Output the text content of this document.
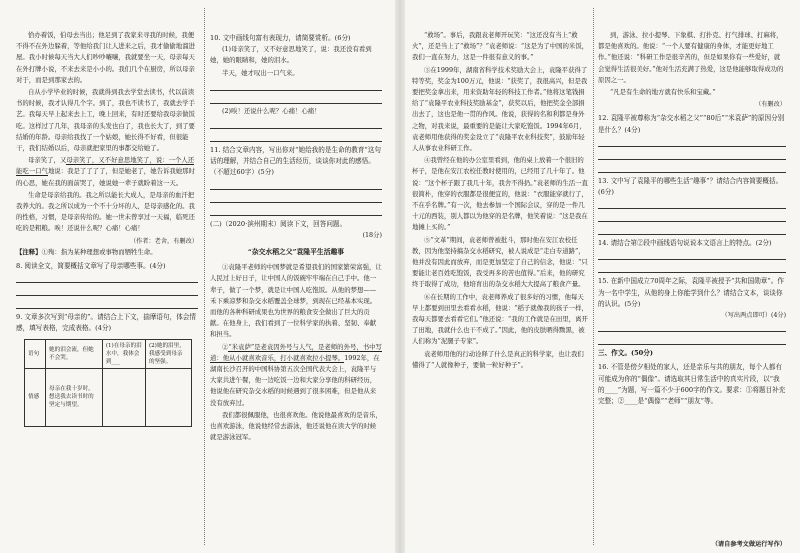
恰办着饭，伯母去当出；他足到了我家来寻我的时候，我便不得不在外边躲着，等他给我门让人进来之后，我才偷偷地溜进屋。我小时候每天当大人们吵吵嚷嚷，我就要坐一天，母亲每天在外打牌小说，不来去来是小小的。我们几个在厨房，所以母亲对于，而是到那家去的。

自从小学毕业的时候，我就得到我去学堂去读书，代以前读书的时候，我才认得几个字。到了，我也不读书了，我就去学手艺。我每天早上起来去上工，晚上回来，有时还要给我母亲做饭吃。这样过了几年，我母亲的头发也白了，我也长大了，到了要结婚的年龄。母亲给我找了一个姑娘，她长得不好看，但很能干，我们结婚以后，母亲就把家里的事都交给她了。

母亲笑了，又母亲笑了，又不好意思地笑了，说：一个人还能吃一口气地说：我是了了了了，但是她老了，她告诉我她那时的心思，她在我的面前哭了，她说她一辈子就盼着这一天。

生命是母亲给我的。我之所以能长大成人，是母亲的血汗把我养大的。我之所以成为一个不十分坏的人，是母亲感化的。我的性格，习惯，是母亲传给的。她一世未曾享过一天福，临死还吃的是粗粮。唉！还说什么呢？心痛！心痛！

（作者：老舍，有删改）

【注释】①殉：指为某种理想或事物而牺牲生命。

8. 阅读全文，简要概括文章写了母亲哪些事。(4分)
9. 文章多次写到“母亲的”。请结合上下文，揣摩语句，体会情感，填写表格，完成表格。(4分)
语句	她的泪会流，但她不会哭。	(1)在母亲的泪水中，我体会到___	(2)她的泪里，我感受到母亲的坚强。
情感	母亲在我十岁时，想送我去读书时的坚定与期望。		
10. 文中画线句富有表现力，请简要赏析。(6分)

(1)母亲笑了，又不好意思地笑了，说：我还没有看到她，她的眼睛和，她的泪水。

半天，她才叹出一口气来。

(2)唉！还说什么呢？心痛！心痛！

11. 结合文章内容，写出你对“她给我的是生命的教育”这句话的理解，并结合自己的生活经历，谈谈你对此的感悟。（不超过60字）(5分)
(二)（2020·滨州期末）阅读下文，回答问题。
(18分)
“杂交水稻之父”袁隆平生活趣事

①袁隆平老师的中国梦就是希望我们的国家繁荣富强，让人民过上好日子，让中国人的饭碗牢牢端在自己手中。他一辈子，做了一个梦，就是让中国人吃饱饭。从他的梦想——禾下乘凉梦和杂交水稻覆盖全球梦，到现在已经基本实现。而他的各种科研成果也为世界的粮食安全做出了巨大的贡献。在他身上，我们看到了一位科学家的执着、坚韧、奉献和担当。

②“米袁萨”是老袁因外号与人气，是老师的外号，书中写道：他从小就喜欢音乐，打小就喜欢拉小提琴。1992年，在湖南长沙召开的中国科协第五次全国代表大会上，袁隆平与大家共进午餐，他一边吃饭一边和大家分享他的科研经历，他说他在研究杂交水稻的时候遇到了很多困难，但是他从来没有放弃过。

我们都很佩服他，也很喜欢他。他说他最喜欢的是音乐，也喜欢游泳，他说他经常去游泳，他还说他在读大学的时候就是游泳冠军。

“救场”。事后，我跟袁老师开玩笑：“这还没有当上“救火”，还是当上了“救场”？”袁老师说：“这是为了中国的米饭，我们一直在努力，这是一件很有意义的事。”

③在1999年，湖南省科学技术奖励大会上，袁隆平获得了特等奖，奖金为100万元，他说：“获奖了，我很高兴，但是我要把奖金拿出来，用来资助年轻的科技工作者。”他将这笔钱捐给了“袁隆平农业科技奖励基金”，获奖以后，他把奖金全部捐出去了，这也是他一贯的作风。他说，获得的名和利都是身外之物，对我来说，最重要的是能让大家吃饱饭。1994年6月，袁老师用他获得的奖金设立了“袁隆平农业科技奖”，鼓励年轻人从事农业科研工作。

④我曾经在他的办公室里看到，他的桌上放着一个很旧的杯子，是他在安江农校任教时使用的，已经用了几十年了。他说：“这个杯子跟了我几十年，我舍不得扔。”袁老师的生活一直很简朴，他穿的衣服都是很便宜的，他说：“衣服能穿就行了，不在乎名牌。”有一次，他去参加一个国际会议，穿的是一件几十元的西装，别人都以为他穿的是名牌，他笑着说：“这是我在地摊上买的。”

⑤“文革”期间，袁老师曾被批斗，那时他在安江农校任教，因为他坚持搞杂交水稻研究，被人说成是“走白专道路”，他并没有因此而放弃，而是更加坚定了自己的信念，他说：“只要能让老百姓吃饱饭，我受再多的苦也值得。”后来，他的研究终于取得了成功，他培育出的杂交水稻大大提高了粮食产量。

⑥在长期的工作中，袁老师养成了很多好的习惯，他每天早上都要到田里去看看水稻，他说：“稻子就像我的孩子一样，我每天都要去看看它们。”他还说：“我的工作就是在田里，离开了田地，我就什么也干不成了。”因此，他的皮肤晒得黝黑，被人们称为“泥腿子专家”。

袁老师用他的行动诠释了什么是真正的科学家，也让我们懂得了“人就像种子，要做一粒好种子”。

到，游泳、拉小提琴、下象棋、打扑克、打气排球、打麻将，都是他喜欢的。他说：“一个人要有健康的身体，才能更好地工作。”他还说：“科研工作是很辛苦的，但是如果你有一些爱好，就会觉得生活很美好。”他对生活充满了热爱，这是他能够取得成功的原因之一。

“凡是有生命的地方就有快乐和宝藏。”

（有删改）
12. 袁隆平被尊称为“杂交水稻之父”“80后”“米袁萨”的原因分别是什么？(4分)
13. 文中写了袁隆平的哪些生活“趣事”？请结合内容简要概括。(6分)
14. 请结合第②段中画线语句说说本文语言上的特点。(2分)
15. 在新中国成立70周年之际，袁隆平被授予“共和国勋章”。作为一名中学生，从他的身上你能学到什么？请结合文本，谈谈你的认识。(5分)
（写出两点即可）(4分)
三、作文。(50分)
16. 不管是傍夕相处的家人，还是亲乐与共的朋友，每个人都有可能成为你的“偶像”。请选取其日常生活中的真实片段，以“我的____”为题，写一篇不少于600字的作文。要求：①将题目补充完整；②____是“偶像”“老师”“朋友”等。
（请自参考文做运行写作）
